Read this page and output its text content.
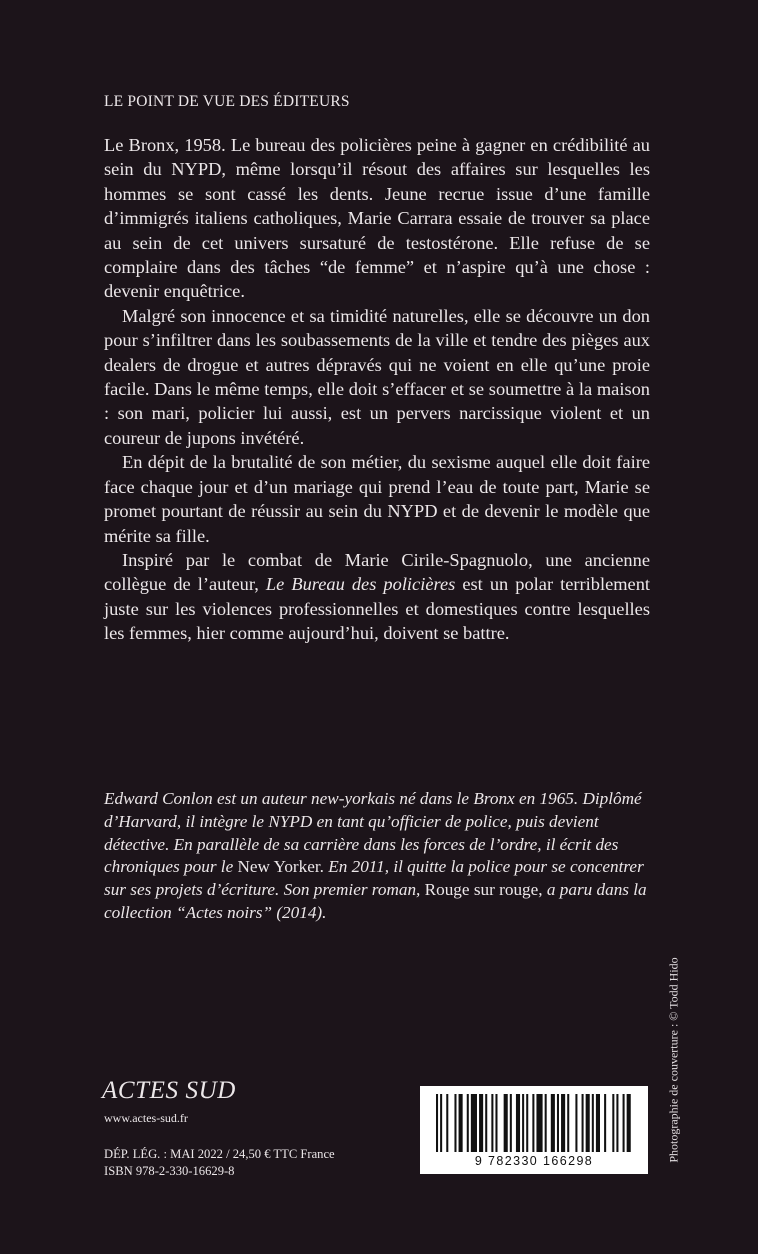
LE POINT DE VUE DES ÉDITEURS

Le Bronx, 1958. Le bureau des policières peine à gagner en crédibilité au sein du NYPD, même lorsqu’il résout des affaires sur lesquelles les hommes se sont cassé les dents. Jeune recrue issue d’une famille d’immigrés italiens catholiques, Marie Carrara essaie de trouver sa place au sein de cet univers sursaturé de testostérone. Elle refuse de se complaire dans des tâches “de femme” et n’aspire qu’à une chose : devenir enquêtrice.

Malgré son innocence et sa timidité naturelles, elle se découvre un don pour s’infiltrer dans les soubassements de la ville et tendre des pièges aux dealers de drogue et autres dépravés qui ne voient en elle qu’une proie facile. Dans le même temps, elle doit s’effacer et se soumettre à la maison : son mari, policier lui aussi, est un pervers narcissique violent et un coureur de jupons invétéré.

En dépit de la brutalité de son métier, du sexisme auquel elle doit faire face chaque jour et d’un mariage qui prend l’eau de toute part, Marie se promet pourtant de réussir au sein du NYPD et de devenir le modèle que mérite sa fille.

Inspiré par le combat de Marie Cirile-Spagnuolo, une ancienne collègue de l’auteur, Le Bureau des policières est un polar terriblement juste sur les violences professionnelles et domestiques contre lesquelles les femmes, hier comme aujourd’hui, doivent se battre.

Edward Conlon est un auteur new-yorkais né dans le Bronx en 1965. Diplômé d’Harvard, il intègre le NYPD en tant qu’officier de police, puis devient détective. En parallèle de sa carrière dans les forces de l’ordre, il écrit des chroniques pour le New Yorker. En 2011, il quitte la police pour se concentrer sur ses projets d’écriture. Son premier roman, Rouge sur rouge, a paru dans la collection “Actes noirs” (2014).
ACTES SUD
www.actes-sud.fr
DÉP. LÉG. : MAI 2022 / 24,50 € TTC France
ISBN 978-2-330-16629-8
9 782330 166298	Photographie de couverture : © Todd Hido
